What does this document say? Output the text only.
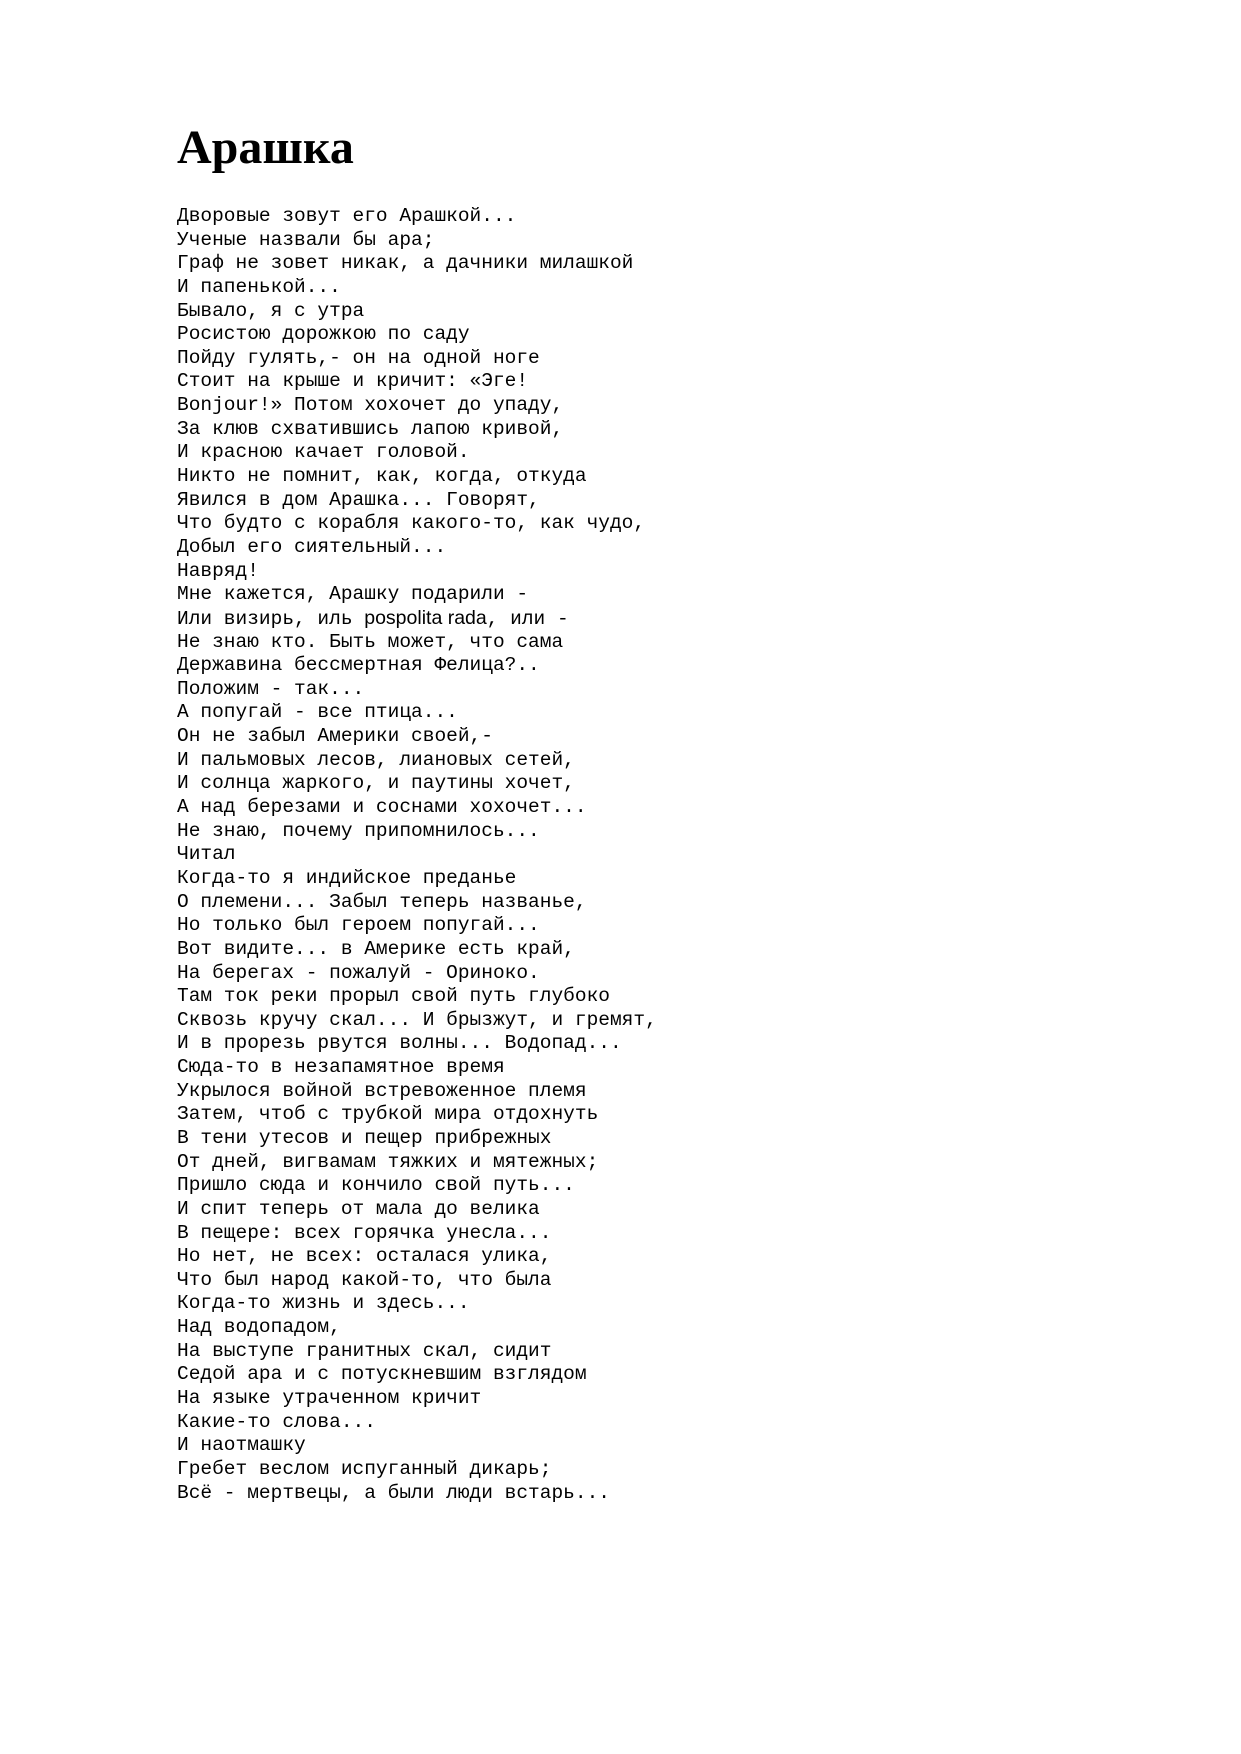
Арашка
Дворовые зовут его Арашкой...
Ученые назвали бы ара;
Граф не зовет никак, а дачники милашкой
И папенькой...
Бывало, я с утра
Росистою дорожкою по саду
Пойду гулять,- он на одной ноге
Стоит на крыше и кричит: «Эге!
Bonjour!» Потом хохочет до упаду,
За клюв схватившись лапою кривой,
И красною качает головой.
Никто не помнит, как, когда, откуда
Явился в дом Арашка... Говорят,
Что будто с корабля какого-то, как чудо,
Добыл его сиятельный...
Навряд!
Мне кажется, Арашку подарили -
Или визирь, иль pospolita rada, или -
Не знаю кто. Быть может, что сама
Державина бессмертная Фелица?..
Положим - так...
А попугай - все птица...
Он не забыл Америки своей,-
И пальмовых лесов, лиановых сетей,
И солнца жаркого, и паутины хочет,
А над березами и соснами хохочет...
Не знаю, почему припомнилось...
Читал
Когда-то я индийское преданье
О племени... Забыл теперь названье,
Но только был героем попугай...
Вот видите... в Америке есть край,
На берегах - пожалуй - Ориноко.
Там ток реки прорыл свой путь глубоко
Сквозь кручу скал... И брызжут, и гремят,
И в прорезь рвутся волны... Водопад...
Сюда-то в незапамятное время
Укрылося войной встревоженное племя
Затем, чтоб с трубкой мира отдохнуть
В тени утесов и пещер прибрежных
От дней, вигвамам тяжких и мятежных;
Пришло сюда и кончило свой путь...
И спит теперь от мала до велика
В пещере: всех горячка унесла...
Но нет, не всех: осталася улика,
Что был народ какой-то, что была
Когда-то жизнь и здесь...
Над водопадом,
На выступе гранитных скал, сидит
Седой ара и с потускневшим взглядом
На языке утраченном кричит
Какие-то слова...
И наотмашку
Гребет веслом испуганный дикарь;
Всё - мертвецы, а были люди встарь...
